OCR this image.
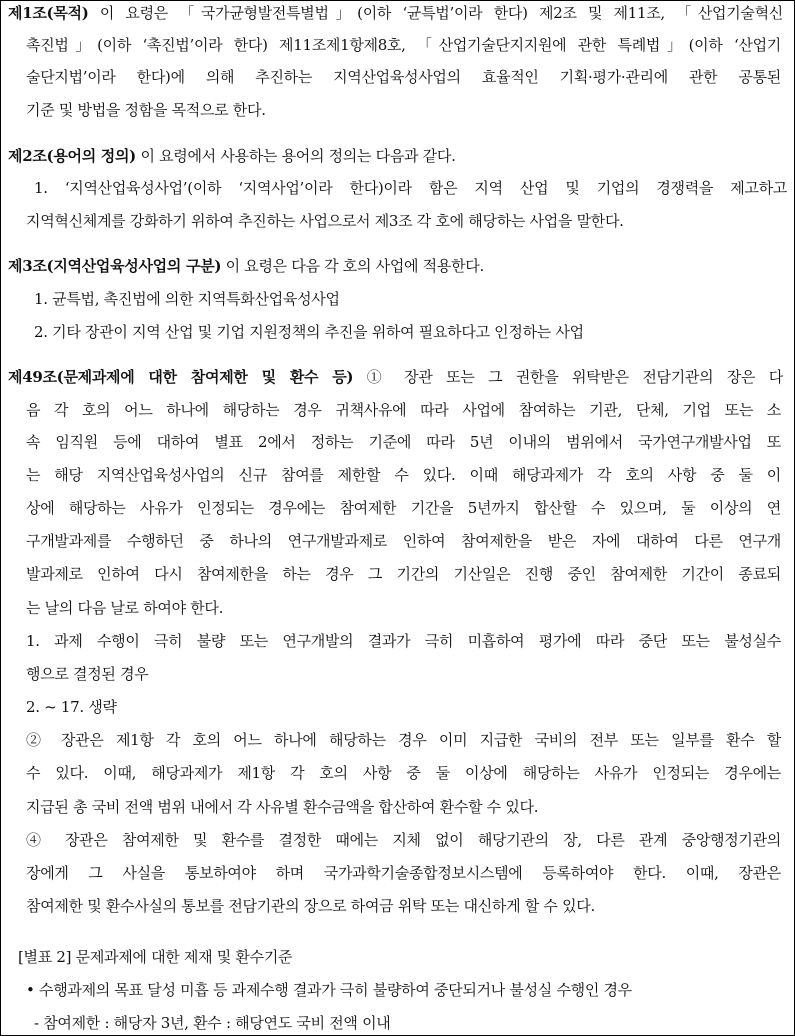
제1조(목적) 이 요령은 「국가균형발전특별법」(이하 ‘균특법’이라 한다) 제2조 및 제11조, 「산업기술혁신
촉진법」(이하 ‘촉진법’이라 한다) 제11조제1항제8호, 「산업기술단지지원에 관한 특례법」(이하 ‘산업기
술단지법’이라 한다)에 의해 추진하는 지역산업육성사업의 효율적인 기획·평가·관리에 관한 공통된
기준 및 방법을 정함을 목적으로 한다.
제2조(용어의 정의) 이 요령에서 사용하는 용어의 정의는 다음과 같다.
1. ‘지역산업육성사업’(이하 ‘지역사업’이라 한다)이라 함은 지역 산업 및 기업의 경쟁력을 제고하고
지역혁신체계를 강화하기 위하여 추진하는 사업으로서 제3조 각 호에 해당하는 사업을 말한다.
제3조(지역산업육성사업의 구분) 이 요령은 다음 각 호의 사업에 적용한다.
1. 균특법, 촉진법에 의한 지역특화산업육성사업
2. 기타 장관이 지역 산업 및 기업 지원정책의 추진을 위하여 필요하다고 인정하는 사업
제49조(문제과제에 대한 참여제한 및 환수 등) ① 장관 또는 그 권한을 위탁받은 전담기관의 장은 다
음 각 호의 어느 하나에 해당하는 경우 귀책사유에 따라 사업에 참여하는 기관, 단체, 기업 또는 소
속 임직원 등에 대하여 별표 2에서 정하는 기준에 따라 5년 이내의 범위에서 국가연구개발사업 또
는 해당 지역산업육성사업의 신규 참여를 제한할 수 있다. 이때 해당과제가 각 호의 사항 중 둘 이
상에 해당하는 사유가 인정되는 경우에는 참여제한 기간을 5년까지 합산할 수 있으며, 둘 이상의 연
구개발과제를 수행하던 중 하나의 연구개발과제로 인하여 참여제한을 받은 자에 대하여 다른 연구개
발과제로 인하여 다시 참여제한을 하는 경우 그 기간의 기산일은 진행 중인 참여제한 기간이 종료되
는 날의 다음 날로 하여야 한다.
1. 과제 수행이 극히 불량 또는 연구개발의 결과가 극히 미흡하여 평가에 따라 중단 또는 불성실수
행으로 결정된 경우
2. ~ 17. 생략
② 장관은 제1항 각 호의 어느 하나에 해당하는 경우 이미 지급한 국비의 전부 또는 일부를 환수 할
수 있다. 이때, 해당과제가 제1항 각 호의 사항 중 둘 이상에 해당하는 사유가 인정되는 경우에는
지급된 총 국비 전액 범위 내에서 각 사유별 환수금액을 합산하여 환수할 수 있다.
④ 장관은 참여제한 및 환수를 결정한 때에는 지체 없이 해당기관의 장, 다른 관계 중앙행정기관의
장에게 그 사실을 통보하여야 하며 국가과학기술종합정보시스템에 등록하여야 한다. 이때, 장관은
참여제한 및 환수사실의 통보를 전담기관의 장으로 하여금 위탁 또는 대신하게 할 수 있다.
[별표 2] 문제과제에 대한 제재 및 환수기준
• 수행과제의 목표 달성 미흡 등 과제수행 결과가 극히 불량하여 중단되거나 불성실 수행인 경우
- 참여제한 : 해당자 3년, 환수 : 해당연도 국비 전액 이내
